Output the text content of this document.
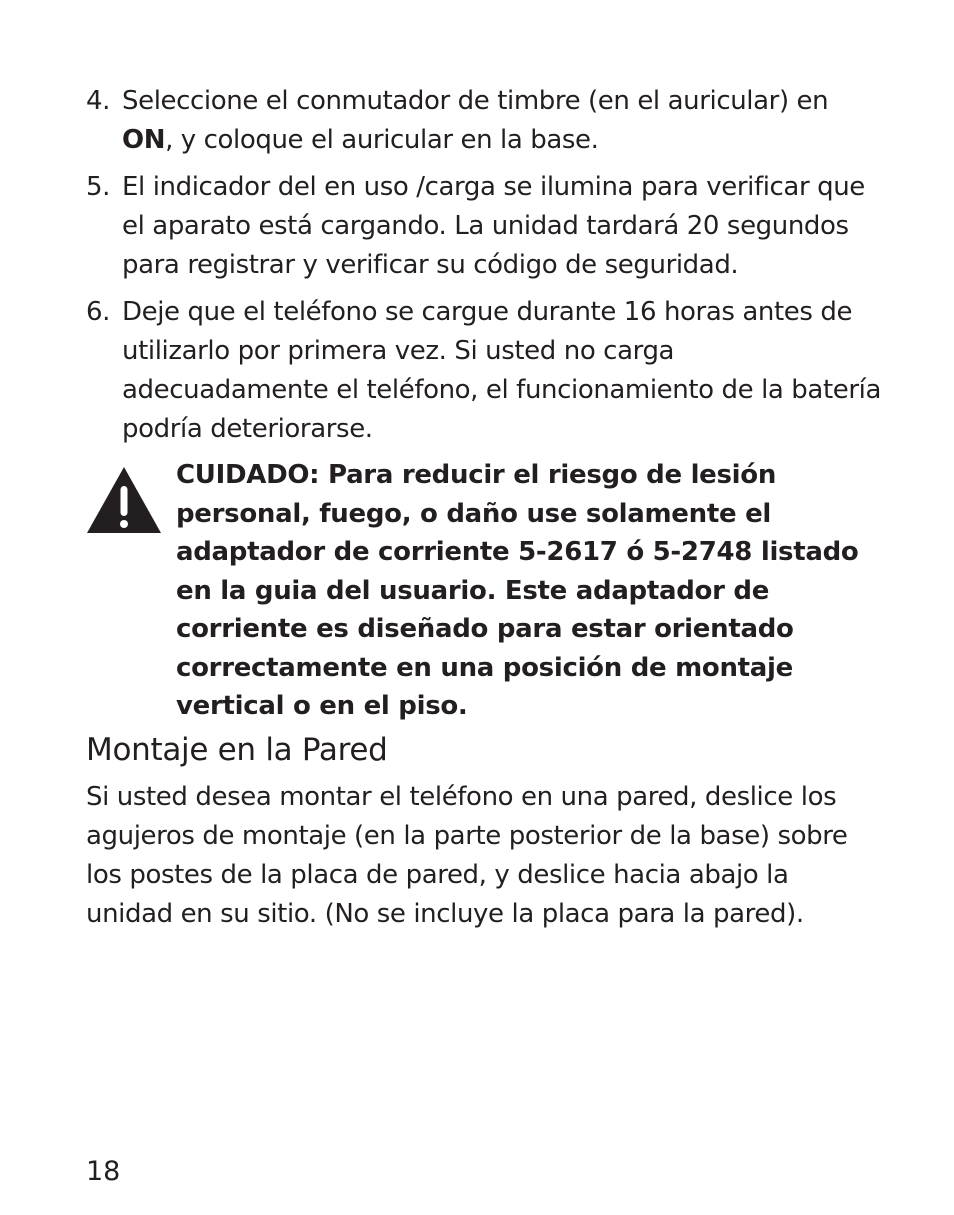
4. Seleccione el conmutador de timbre (en el auricular) en ON, y coloque el auricular en la base.
5. El indicador del en uso /carga se ilumina para verificar que el aparato está cargando. La unidad tardará 20 segundos para registrar y verificar su código de seguridad.
6. Deje que el teléfono se cargue durante 16 horas antes de utilizarlo por primera vez. Si usted no carga adecuadamente el teléfono, el funcionamiento de la batería podría deteriorarse.
CUIDADO: Para reducir el riesgo de lesión personal, fuego, o daño use solamente el adaptador de corriente 5-2617 ó 5-2748 listado en la guia del usuario. Este adaptador de corriente es diseñado para estar orientado correctamente en una posición de montaje vertical o en el piso.
Montaje en la Pared

Si usted desea montar el teléfono en una pared, deslice los agujeros de montaje (en la parte posterior de la base) sobre los postes de la placa de pared, y deslice hacia abajo la unidad en su sitio. (No se incluye la placa para la pared).

18
